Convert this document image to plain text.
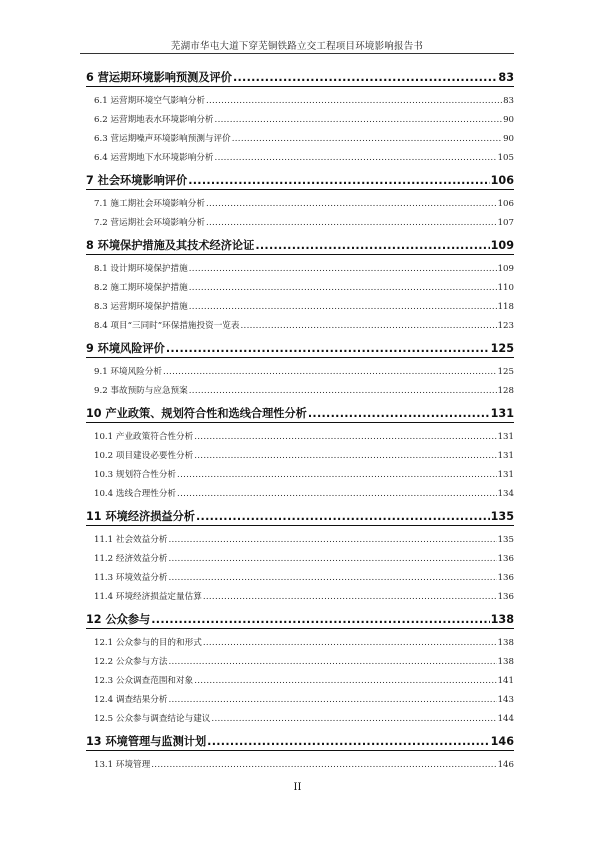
芜湖市华屯大道下穿芜铜铁路立交工程项目环境影响报告书
6 营运期环境影响预测及评价 .....	83
6.1 运营期环境空气影响分析 .....	83
6.2 运营期地表水环境影响分析 .....	90
6.3 营运期噪声环境影响预测与评价 .....	90
6.4 运营期地下水环境影响分析 .....	105
7 社会环境影响评价 .....	106
7.1 施工期社会环境影响分析 .....	106
7.2 营运期社会环境影响分析 .....	107
8 环境保护措施及其技术经济论证 .....	109
8.1 设计期环境保护措施 .....	109
8.2 施工期环境保护措施 .....	110
8.3 运营期环境保护措施 .....	118
8.4 项目“三同时”环保措施投资一览表 .....	123
9 环境风险评价 .....	125
9.1 环境风险分析 .....	125
9.2 事故预防与应急预案 .....	128
10 产业政策、规划符合性和选线合理性分析 .....	131
10.1 产业政策符合性分析 .....	131
10.2 项目建设必要性分析 .....	131
10.3 规划符合性分析 .....	131
10.4 选线合理性分析 .....	134
11 环境经济损益分析 .....	135
11.1 社会效益分析 .....	135
11.2 经济效益分析 .....	136
11.3 环境效益分析 .....	136
11.4 环境经济损益定量估算 .....	136
12 公众参与 .....	138
12.1 公众参与的目的和形式 .....	138
12.2 公众参与方法 .....	138
12.3 公众调查范围和对象 .....	141
12.4 调查结果分析 .....	143
12.5 公众参与调查结论与建议 .....	144
13 环境管理与监测计划 .....	146
13.1 环境管理 .....	146
II
